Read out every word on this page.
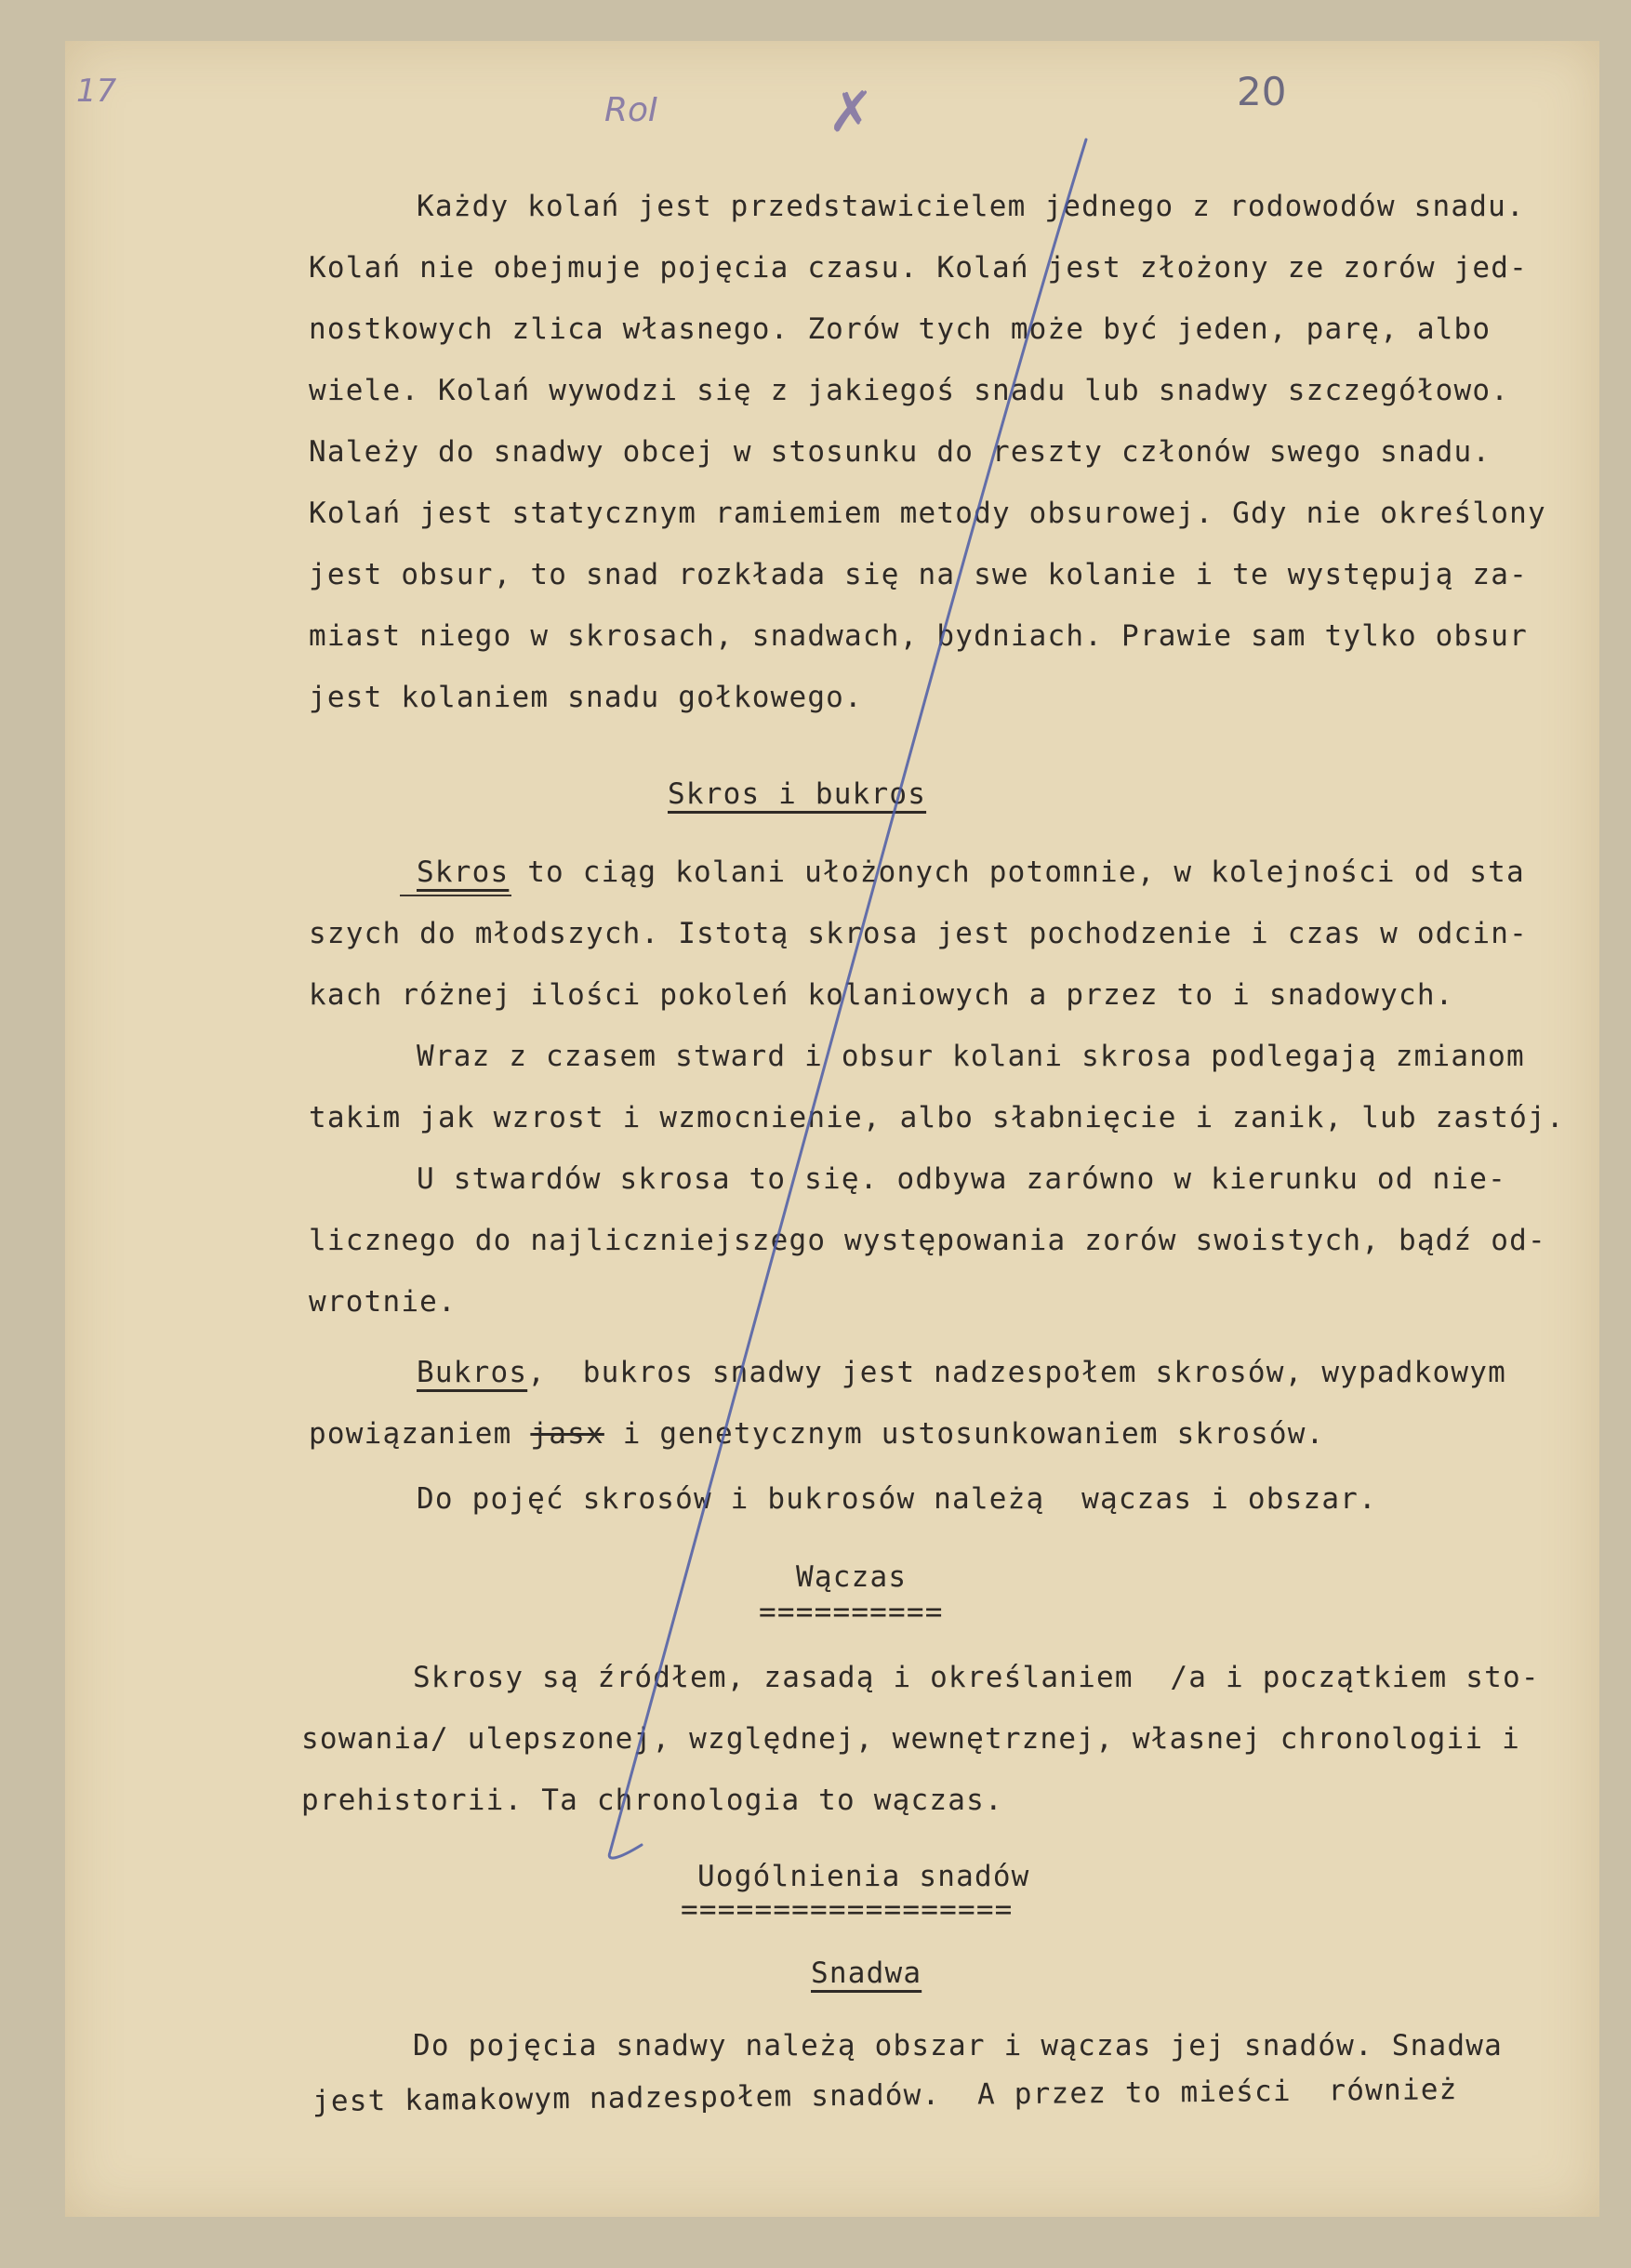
17	RoI	✗	20
Każdy kolań jest przedstawicielem jednego z rodowodów snadu.
Kolań nie obejmuje pojęcia czasu. Kolań jest złożony ze zorów jed-
nostkowych zlica własnego. Zorów tych może być jeden, parę, albo
wiele. Kolań wywodzi się z jakiegoś snadu lub snadwy szczegółowo.
Należy do snadwy obcej w stosunku do reszty członów swego snadu.
Kolań jest statycznym ramiemiem metody obsurowej. Gdy nie określony
jest obsur, to snad rozkłada się na swe kolanie i te występują za-
miast niego w skrosach, snadwach, bydniach. Prawie sam tylko obsur
jest kolaniem snadu gołkowego.
Skros i bukros
Skros to ciąg kolani ułożonych potomnie, w kolejności od sta
szych do młodszych. Istotą skrosa jest pochodzenie i czas w odcin-
kach różnej ilości pokoleń kolaniowych a przez to i snadowych.
Wraz z czasem stward i obsur kolani skrosa podlegają zmianom
takim jak wzrost i wzmocnienie, albo słabnięcie i zanik, lub zastój.
U stwardów skrosa to się. odbywa zarówno w kierunku od nie-
licznego do najliczniejszego występowania zorów swoistych, bądź od-
wrotnie.
Bukros,  bukros snadwy jest nadzespołem skrosów, wypadkowym
powiązaniem jasx i genetycznym ustosunkowaniem skrosów.
Do pojęć skrosów i bukrosów należą  wączas i obszar.
Wączas
==========
Skrosy są źródłem, zasadą i określaniem  /a i początkiem sto-
sowania/ ulepszonej, względnej, wewnętrznej, własnej chronologii i
prehistorii. Ta chronologia to wączas.
Uogólnienia snadów
==================
Snadwa
Do pojęcia snadwy należą obszar i wączas jej snadów. Snadwa
jest kamakowym nadzespołem snadów.  A przez to mieści  również
